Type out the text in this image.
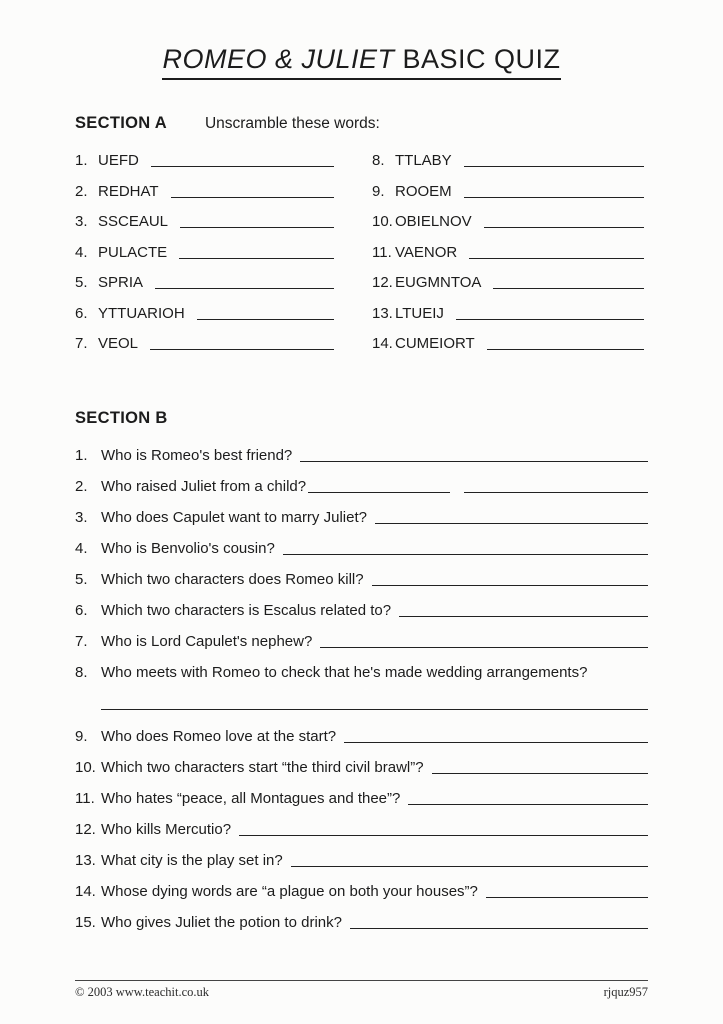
ROMEO & JULIET BASIC QUIZ
SECTION A Unscramble these words:
1. UEFD
2. REDHAT
3. SSCEAUL
4. PULACTE
5. SPRIA
6. YTTUARIOH
7. VEOL
8. TTLABY
9. ROOEM
10. OBIELNOV
11. VAENOR
12. EUGMNTOA
13. LTUEIJ
14. CUMEIORT
SECTION B
1. Who is Romeo's best friend?
2. Who raised Juliet from a child?
3. Who does Capulet want to marry Juliet?
4. Who is Benvolio's cousin?
5. Which two characters does Romeo kill?
6. Which two characters is Escalus related to?
7. Who is Lord Capulet's nephew?
8. Who meets with Romeo to check that he's made wedding arrangements?
9. Who does Romeo love at the start?
10. Which two characters start “the third civil brawl”?
11. Who hates “peace, all Montagues and thee”?
12. Who kills Mercutio?
13. What city is the play set in?
14. Whose dying words are “a plague on both your houses”?
15. Who gives Juliet the potion to drink?
© 2003 www.teachit.co.uk	rjquz957
